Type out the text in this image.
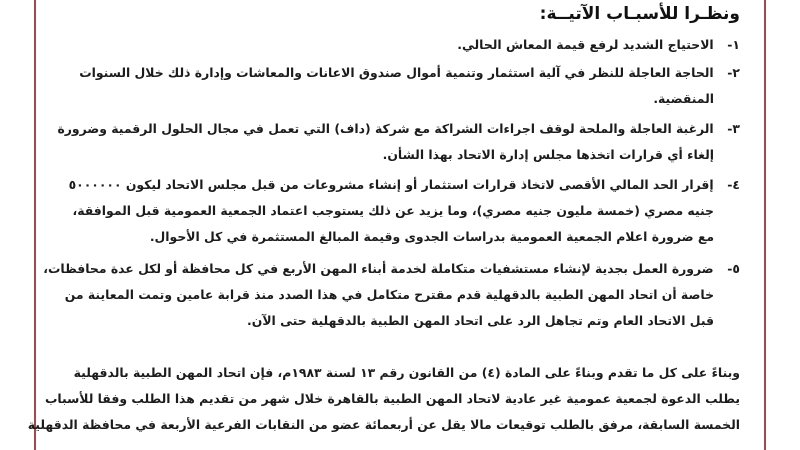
ونظـرا للأسبـاب الآتيــة:
١- الاحتياج الشديد لرفع قيمة المعاش الحالي.
٢- الحاجة العاجلة للنظر في آلية استثمار وتنمية أموال صندوق الاعانات والمعاشات وإدارة ذلك خلال السنوات
المنقضية.
٣- الرغبة العاجلة والملحة لوقف اجراءات الشراكة مع شركة (داف) التي تعمل في مجال الحلول الرقمية وضرورة
إلغاء أي قرارات اتخذها مجلس إدارة الاتحاد بهذا الشأن.
٤- إقرار الحد المالي الأقصى لاتخاذ قرارات استثمار أو إنشاء مشروعات من قبل مجلس الاتحاد ليكون ٥٠٠٠٠٠٠
جنيه مصري (خمسة مليون جنيه مصري)، وما يزيد عن ذلك يستوجب اعتماد الجمعية العمومية قبل الموافقة،
مع ضرورة اعلام الجمعية العمومية بدراسات الجدوى وقيمة المبالغ المستثمرة في كل الأحوال.
٥- ضرورة العمل بجدية لإنشاء مستشفيات متكاملة لخدمة أبناء المهن الأربع في كل محافظة أو لكل عدة محافظات،
خاصة أن اتحاد المهن الطبية بالدقهلية قدم مقترح متكامل في هذا الصدد منذ قرابة عامين وتمت المعاينة من
قبل الاتحاد العام وتم تجاهل الرد على اتحاد المهن الطبية بالدقهلية حتى الآن.
وبناءً على كل ما تقدم وبناءً على المادة (٤) من القانون رقم ١٣ لسنة ١٩٨٣م، فإن اتحاد المهن الطبية بالدقهلية
يطلب الدعوة لجمعية عمومية غير عادية لاتحاد المهن الطبية بالقاهرة خلال شهر من تقديم هذا الطلب وفقا للأسباب
الخمسة السابقة، مرفق بالطلب توقيعات مالا يقل عن أربعمائة عضو من النقابات الفرعية الأربعة في محافظة الدقهلية
